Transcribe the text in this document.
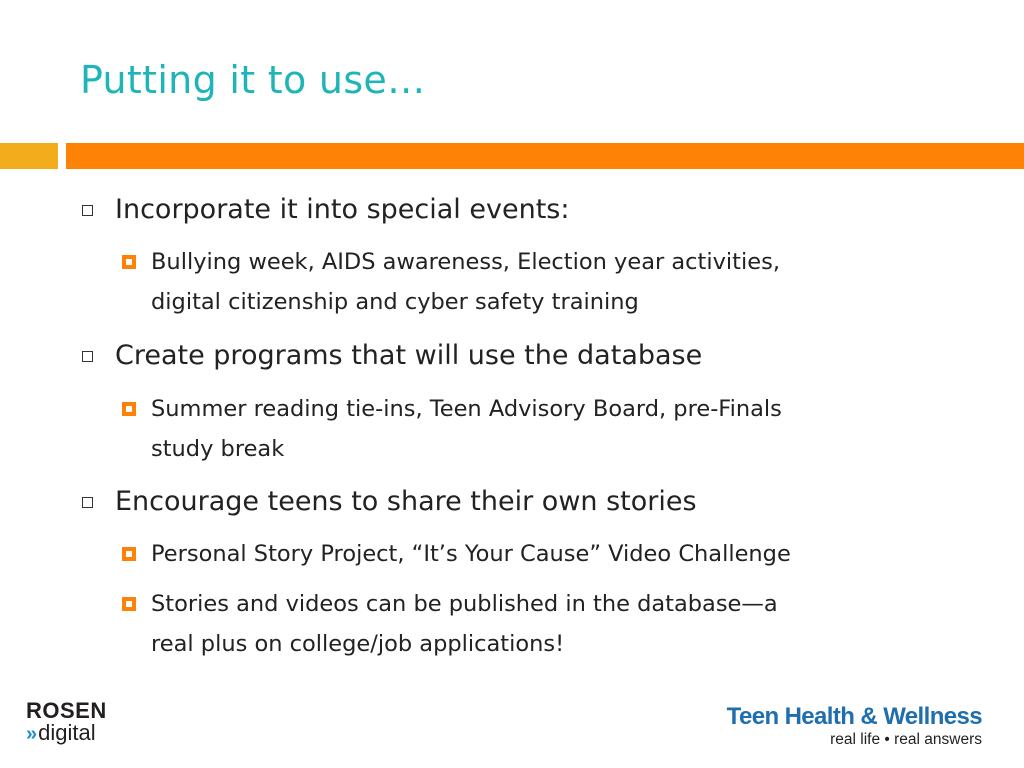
Putting it to use…
Incorporate it into special events:
Bullying week, AIDS awareness, Election year activities,
digital citizenship and cyber safety training
Create programs that will use the database
Summer reading tie-ins, Teen Advisory Board, pre-Finals
study break
Encourage teens to share their own stories
Personal Story Project, “It’s Your Cause” Video Challenge
Stories and videos can be published in the database—a
real plus on college/job applications!
ROSEN
»digital
Teen Health & Wellness
real life • real answers
